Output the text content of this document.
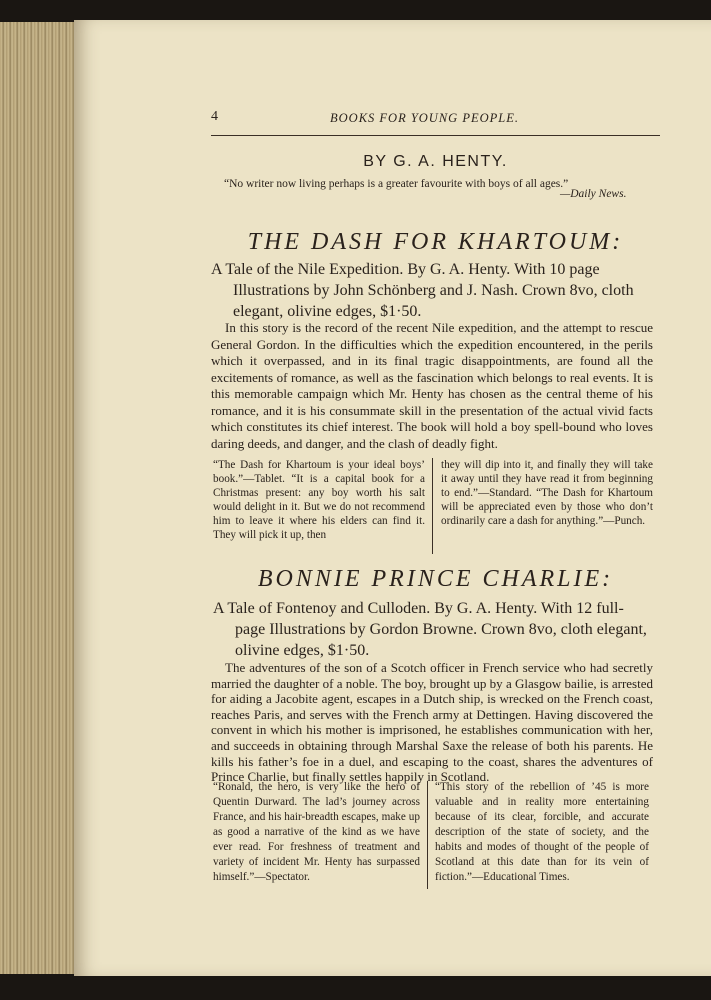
4	BOOKS FOR YOUNG PEOPLE.
BY G. A. HENTY.
“No writer now living perhaps is a greater favourite with boys of all ages.”
—Daily News.
THE DASH FOR KHARTOUM:

A Tale of the Nile Expedition. By G. A. Henty. With 10 page Illustrations by John Schönberg and J. Nash. Crown 8vo, cloth elegant, olivine edges, $1·50.

In this story is the record of the recent Nile expedition, and the attempt to rescue General Gordon. In the difficulties which the expedition encountered, in the perils which it overpassed, and in its final tragic disappointments, are found all the excitements of romance, as well as the fascination which belongs to real events. It is this memorable campaign which Mr. Henty has chosen as the central theme of his romance, and it is his consummate skill in the presentation of the actual vivid facts which constitutes its chief interest. The book will hold a boy spell-bound who loves daring deeds, and danger, and the clash of deadly fight.

“The Dash for Khartoum is your ideal boys’ book.”—Tablet. “It is a capital book for a Christmas present: any boy worth his salt would delight in it. But we do not recommend him to leave it where his elders can find it. They will pick it up, then

they will dip into it, and finally they will take it away until they have read it from beginning to end.”—Standard. “The Dash for Khartoum will be appreciated even by those who don’t ordinarily care a dash for anything.”—Punch.

BONNIE PRINCE CHARLIE:

A Tale of Fontenoy and Culloden. By G. A. Henty. With 12 full-page Illustrations by Gordon Browne. Crown 8vo, cloth elegant, olivine edges, $1·50.

The adventures of the son of a Scotch officer in French service who had secretly married the daughter of a noble. The boy, brought up by a Glasgow bailie, is arrested for aiding a Jacobite agent, escapes in a Dutch ship, is wrecked on the French coast, reaches Paris, and serves with the French army at Dettingen. Having discovered the convent in which his mother is imprisoned, he establishes communication with her, and succeeds in obtaining through Marshal Saxe the release of both his parents. He kills his father’s foe in a duel, and escaping to the coast, shares the adventures of Prince Charlie, but finally settles happily in Scotland.

“Ronald, the hero, is very like the hero of Quentin Durward. The lad’s journey across France, and his hair-breadth escapes, make up as good a narrative of the kind as we have ever read. For freshness of treatment and variety of incident Mr. Henty has surpassed himself.”—Spectator.

“This story of the rebellion of ’45 is more valuable and in reality more entertaining because of its clear, forcible, and accurate description of the state of society, and the habits and modes of thought of the people of Scotland at this date than for its vein of fiction.”—Educational Times.
